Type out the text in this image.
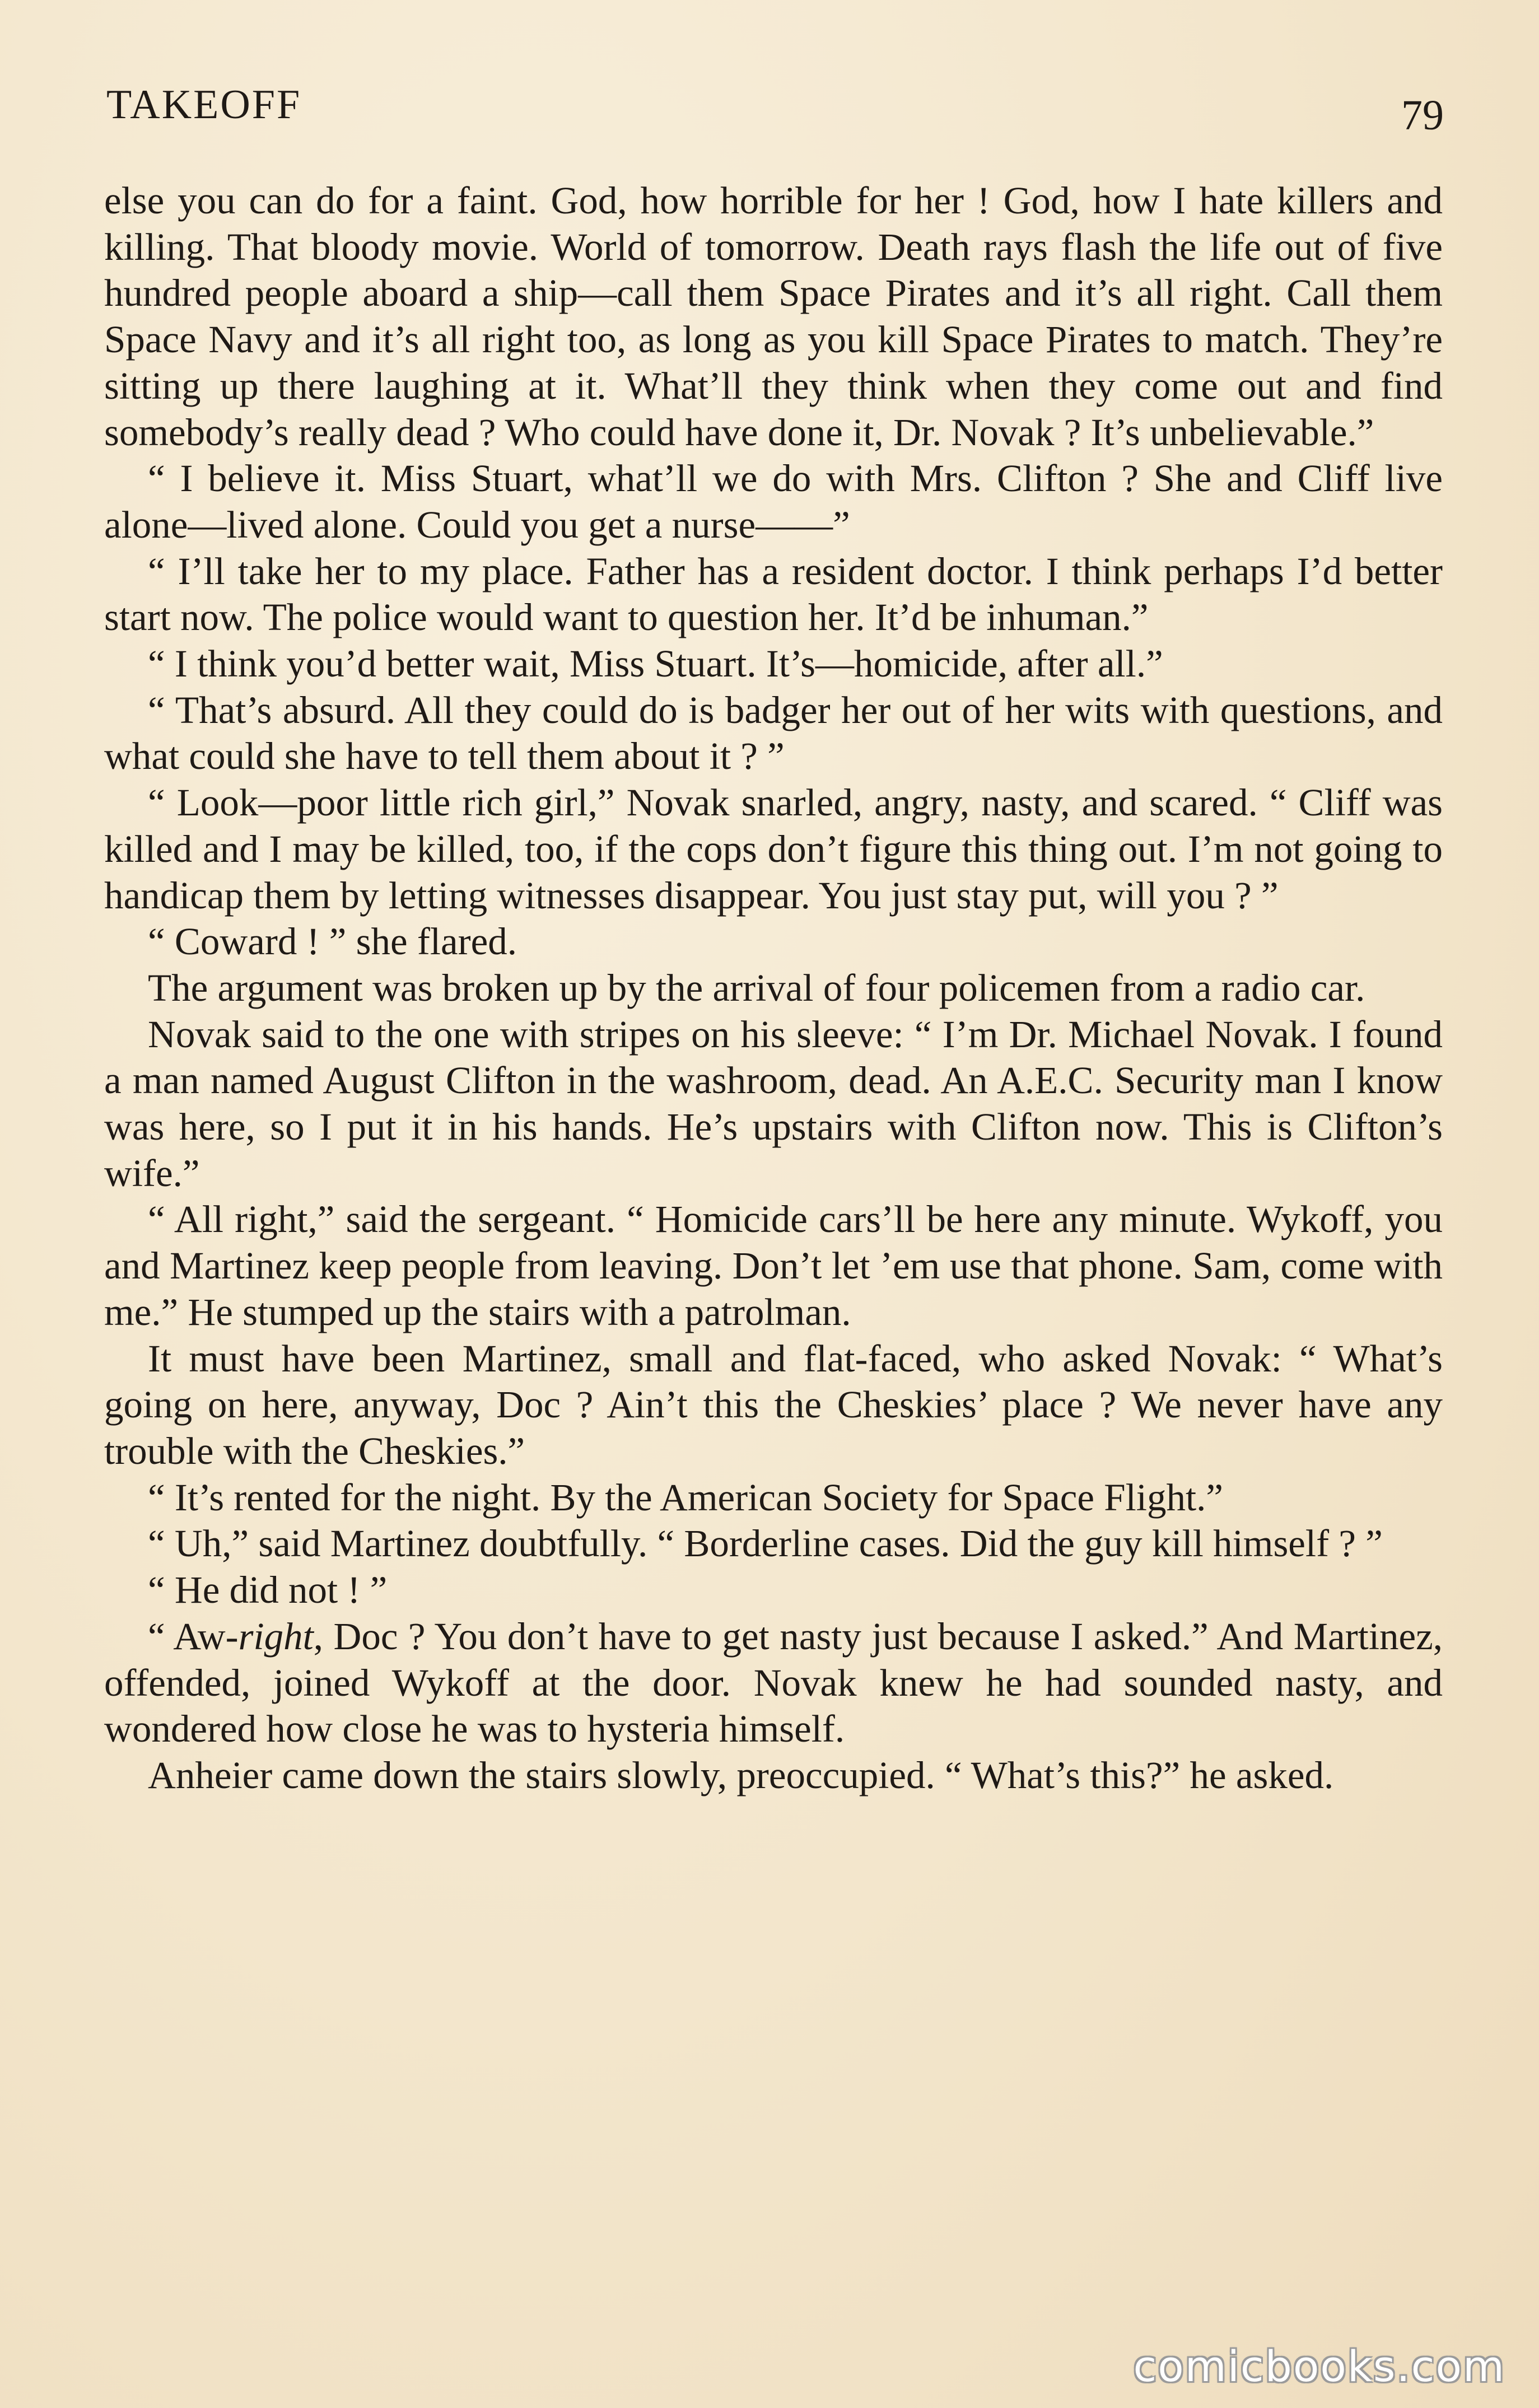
TAKEOFF	79

else you can do for a faint. God, how horrible for her ! God, how I hate killers and killing. That bloody movie. World of tomorrow. Death rays flash the life out of five hundred people aboard a ship—call them Space Pirates and it’s all right. Call them Space Navy and it’s all right too, as long as you kill Space Pirates to match. They’re sitting up there laughing at it. What’ll they think when they come out and find somebody’s really dead ? Who could have done it, Dr. Novak ? It’s unbelievable.”

“ I believe it. Miss Stuart, what’ll we do with Mrs. Clifton ? She and Cliff live alone—lived alone. Could you get a nurse——”

“ I’ll take her to my place. Father has a resident doctor. I think perhaps I’d better start now. The police would want to question her. It’d be inhuman.”

“ I think you’d better wait, Miss Stuart. It’s—homicide, after all.”

“ That’s absurd. All they could do is badger her out of her wits with questions, and what could she have to tell them about it ? ”

“ Look—poor little rich girl,” Novak snarled, angry, nasty, and scared. “ Cliff was killed and I may be killed, too, if the cops don’t figure this thing out. I’m not going to handicap them by letting witnesses disappear. You just stay put, will you ? ”

“ Coward ! ” she flared.

The argument was broken up by the arrival of four policemen from a radio car.

Novak said to the one with stripes on his sleeve: “ I’m Dr. Michael Novak. I found a man named August Clifton in the washroom, dead. An A.E.C. Security man I know was here, so I put it in his hands. He’s upstairs with Clifton now. This is Clifton’s wife.”

“ All right,” said the sergeant. “ Homicide cars’ll be here any minute. Wykoff, you and Martinez keep people from leaving. Don’t let ’em use that phone. Sam, come with me.” He stumped up the stairs with a patrolman.

It must have been Martinez, small and flat-faced, who asked Novak: “ What’s going on here, anyway, Doc ? Ain’t this the Cheskies’ place ? We never have any trouble with the Cheskies.”

“ It’s rented for the night. By the American Society for Space Flight.”

“ Uh,” said Martinez doubtfully. “ Borderline cases. Did the guy kill himself ? ”

“ He did not ! ”

“ Aw-right, Doc ? You don’t have to get nasty just because I asked.” And Martinez, offended, joined Wykoff at the door. Novak knew he had sounded nasty, and wondered how close he was to hysteria himself.

Anheier came down the stairs slowly, preoccupied. “ What’s this?” he asked.

comicbooks.com
